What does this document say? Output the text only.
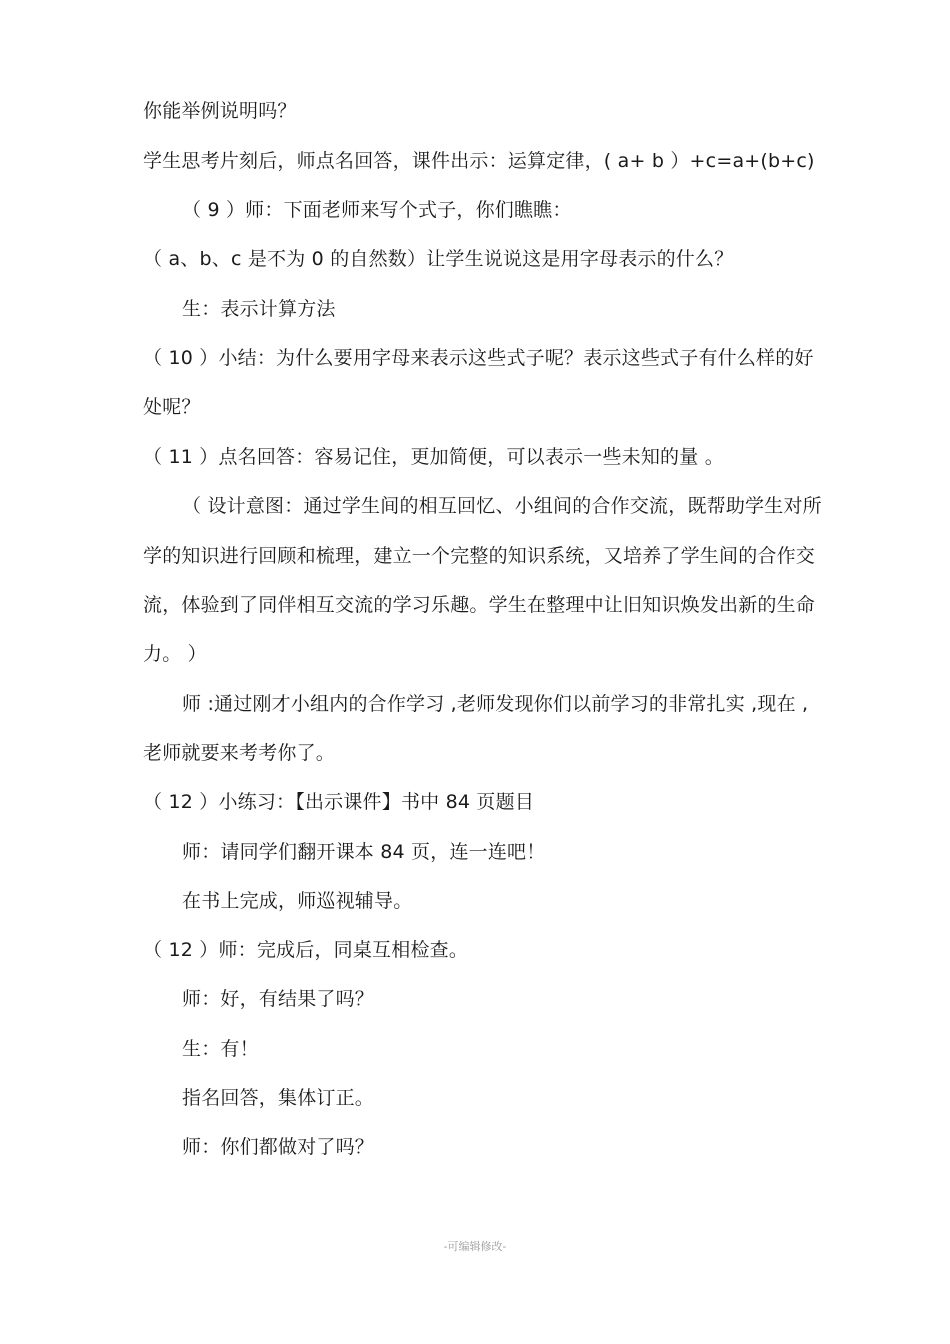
你能举例说明吗？
学生思考片刻后，师点名回答，课件出示：运算定律，( a+ b ）+c=a+(b+c)
（ 9 ）师：下面老师来写个式子，你们瞧瞧：
（ a、b、c 是不为 0 的自然数）让学生说说这是用字母表示的什么？
生：表示计算方法
（ 10 ）小结：为什么要用字母来表示这些式子呢？表示这些式子有什么样的好
处呢？
（ 11 ）点名回答：容易记住，更加简便，可以表示一些未知的量 。
（ 设计意图：通过学生间的相互回忆、小组间的合作交流，既帮助学生对所
学的知识进行回顾和梳理，建立一个完整的知识系统，又培养了学生间的合作交
流，体验到了同伴相互交流的学习乐趣。学生在整理中让旧知识焕发出新的生命
力。 ）
师 :通过刚才小组内的合作学习 ,老师发现你们以前学习的非常扎实 ,现在 ,
老师就要来考考你了。
（ 12 ）小练习：【出示课件】书中 84 页题目
师：请同学们翻开课本 84 页，连一连吧！
在书上完成，师巡视辅导。
（ 12 ）师：完成后，同桌互相检查。
师：好，有结果了吗？
生：有！
指名回答，集体订正。
师：你们都做对了吗？
-可编辑修改-
